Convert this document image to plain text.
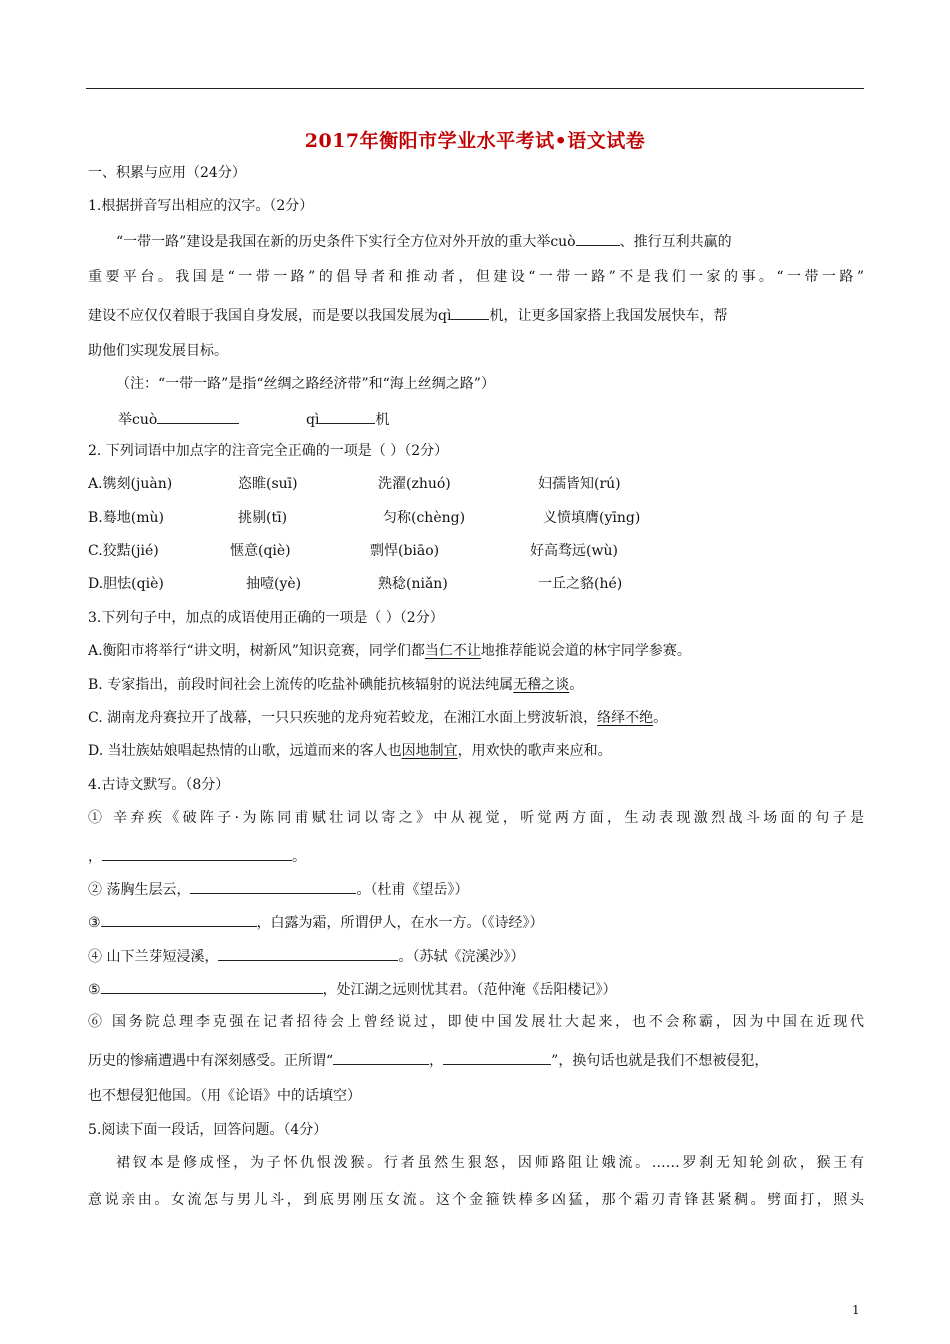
2017年衡阳市学业水平考试•语文试卷
一、积累与应用（24分）
1.根据拼音写出相应的汉字。（2分）
“一带一路”建设是我国在新的历史条件下实行全方位对外开放的重大举cuò	、推行互利共赢的
重要平台。我国是“一带一路”的倡导者和推动者，但建设“一带一路”不是我们一家的事。“一带一路”
建设不应仅仅着眼于我国自身发展，而是要以我国发展为qì	机，让更多国家搭上我国发展快车，帮
助他们实现发展目标。
（注：“一带一路”是指“丝绸之路经济带”和“海上丝绸之路”）
举cuò	qì	机
2. 下列词语中加点字的注音完全正确的一项是（ ）（2分）
A.镌刻(juàn)	恣睢(suī)	洗濯(zhuó)	妇孺皆知(rú)
B.蓦地(mù)	挑剔(tī)	匀称(chèng)	义愤填膺(yīng)
C.狡黠(jié)	惬意(qiè)	剽悍(biāo)	好高骛远(wù)
D.胆怯(qiè)	抽噎(yè)	熟稔(niǎn)	一丘之貉(hé)
3.下列句子中，加点的成语使用正确的一项是（ ）（2分）
A.衡阳市将举行“讲文明，树新风”知识竞赛，同学们都当仁不让地推荐能说会道的林宇同学参赛。
B. 专家指出，前段时间社会上流传的吃盐补碘能抗核辐射的说法纯属无稽之谈。
C. 湖南龙舟赛拉开了战幕，一只只疾驰的龙舟宛若蛟龙，在湘江水面上劈波斩浪，络绎不绝。
D. 当壮族姑娘唱起热情的山歌，远道而来的客人也因地制宜，用欢快的歌声来应和。
4.古诗文默写。（8分）
① 辛弃疾《破阵子·为陈同甫赋壮词以寄之》中从视觉，听觉两方面，生动表现激烈战斗场面的句子是
，	。
② 荡胸生层云，	。（杜甫《望岳》）
③	，白露为霜，所谓伊人，在水一方。（《诗经》）
④ 山下兰芽短浸溪，	。（苏轼《浣溪沙》）
⑤	，处江湖之远则忧其君。（范仲淹《岳阳楼记》）
⑥ 国务院总理李克强在记者招待会上曾经说过，即使中国发展壮大起来，也不会称霸，因为中国在近现代
历史的惨痛遭遇中有深刻感受。正所谓“	，	”，换句话也就是我们不想被侵犯，
也不想侵犯他国。（用《论语》中的话填空）
5.阅读下面一段话，回答问题。（4分）
裙钗本是修成怪，为子怀仇恨泼猴。行者虽然生狠怒，因师路阻让娥流。……罗刹无知轮剑砍，猴王有
意说亲由。女流怎与男儿斗，到底男刚压女流。这个金箍铁棒多凶猛，那个霜刃青锋甚紧稠。劈面打，照头
1
